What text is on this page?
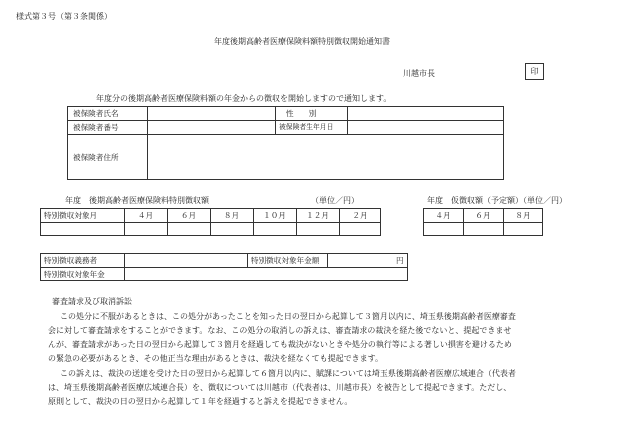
様式第３号（第３条関係）
年度後期高齢者医療保険料額特別徴収開始通知書
川越市長	印
年度分の後期高齢者医療保険料額の年金からの徴収を開始しますので通知します。
被保険者氏名	性　　別
被保険者番号	被保険者生年月日
被保険者住所
年度　後期高齢者医療保険料特別徴収額	（単位／円）
特別徴収対象月	４月	６月	８月	１０月	１２月	２月
年度　仮徴収額（予定額）（単位／円）
４月	６月	８月
特別徴収義務者	特別徴収対象年金額	円
特別徴収対象年金
審査請求及び取消訴訟
この処分に不服があるときは、この処分があったことを知った日の翌日から起算して３箇月以内に、埼玉県後期高齢者医療審査
会に対して審査請求をすることができます。なお、この処分の取消しの訴えは、審査請求の裁決を経た後でないと、提起できませ
んが、審査請求があった日の翌日から起算して３箇月を経過しても裁決がないときや処分の執行等による著しい損害を避けるため
の緊急の必要があるとき、その他正当な理由があるときは、裁決を経なくても提起できます。
この訴えは、裁決の送達を受けた日の翌日から起算して６箇月以内に、賦課については埼玉県後期高齢者医療広域連合（代表者
は、埼玉県後期高齢者医療広域連合長）を、徴収については川越市（代表者は、川越市長）を被告として提起できます。ただし、
原則として、裁決の日の翌日から起算して１年を経過すると訴えを提起できません。
